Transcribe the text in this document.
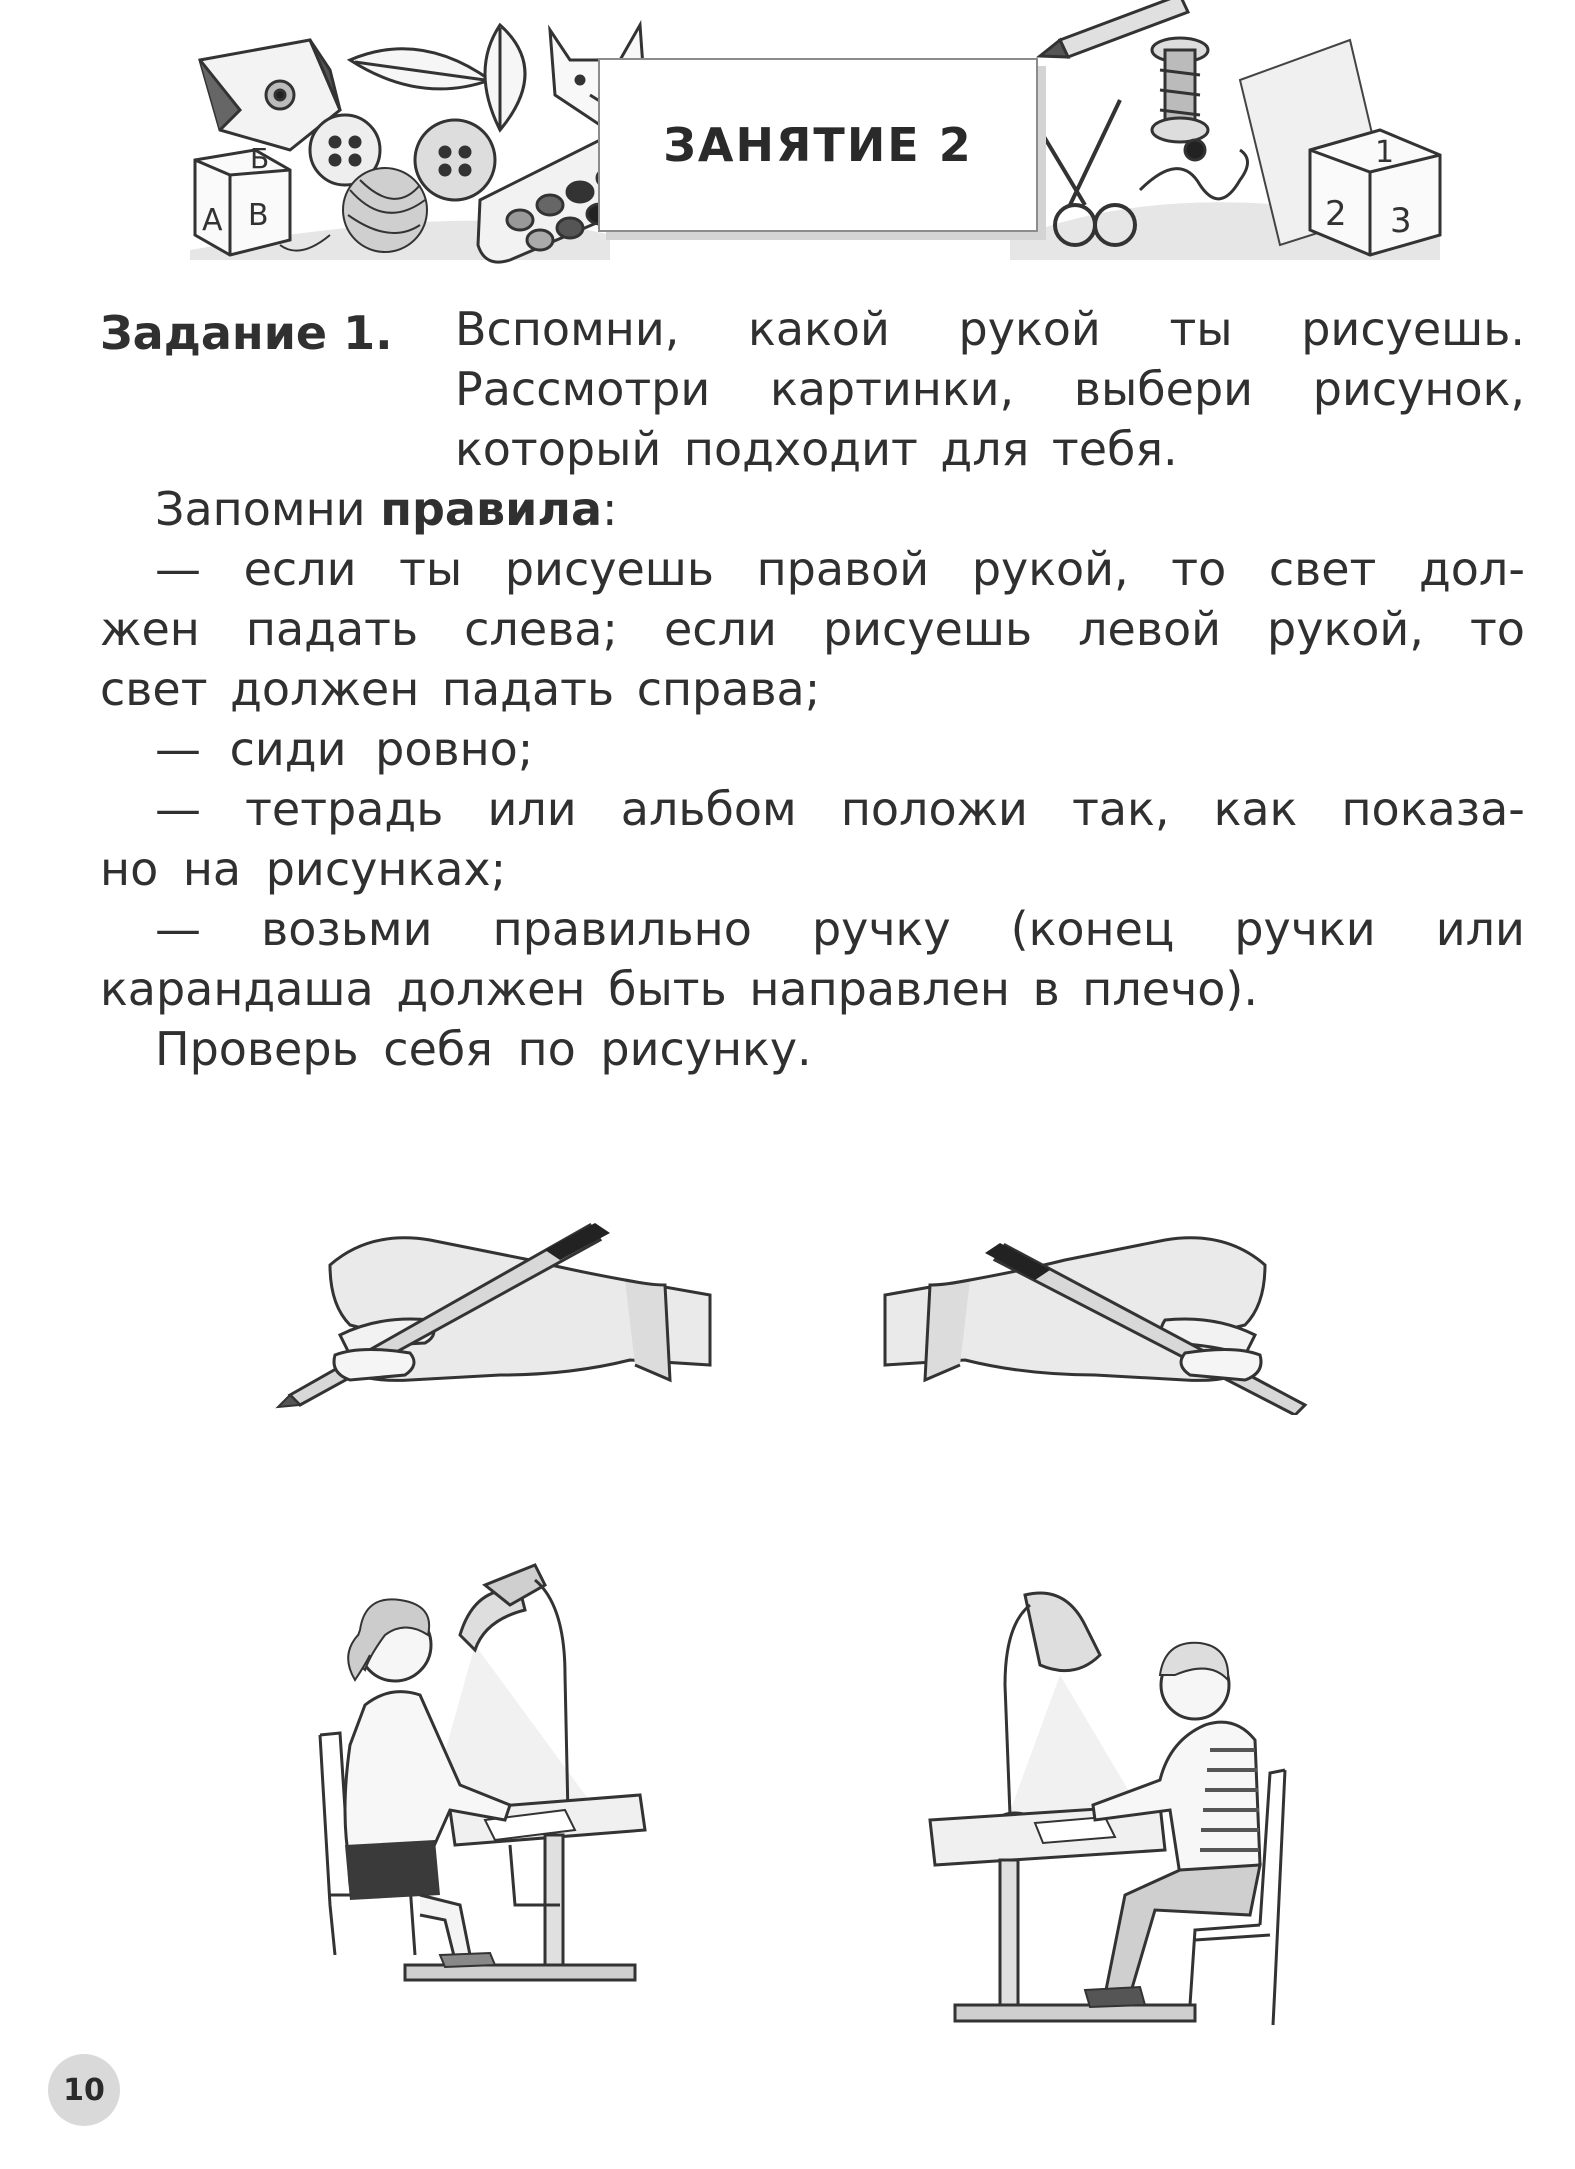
Б
А В
1
2 3
ЗАНЯТИЕ 2
Задание 1. Вспомни, какой рукой ты рисуешь.
Рассмотри картинки, выбери рисунок,
который подходит для тебя.
Запомни правила:
— если ты рисуешь правой рукой, то свет дол-
жен падать слева; если рисуешь левой рукой, то
свет должен падать справа;
— сиди ровно;
— тетрадь или альбом положи так, как показа-
но на рисунках;
— возьми правильно ручку (конец ручки или
карандаша должен быть направлен в плечо).
Проверь себя по рисунку.
10
